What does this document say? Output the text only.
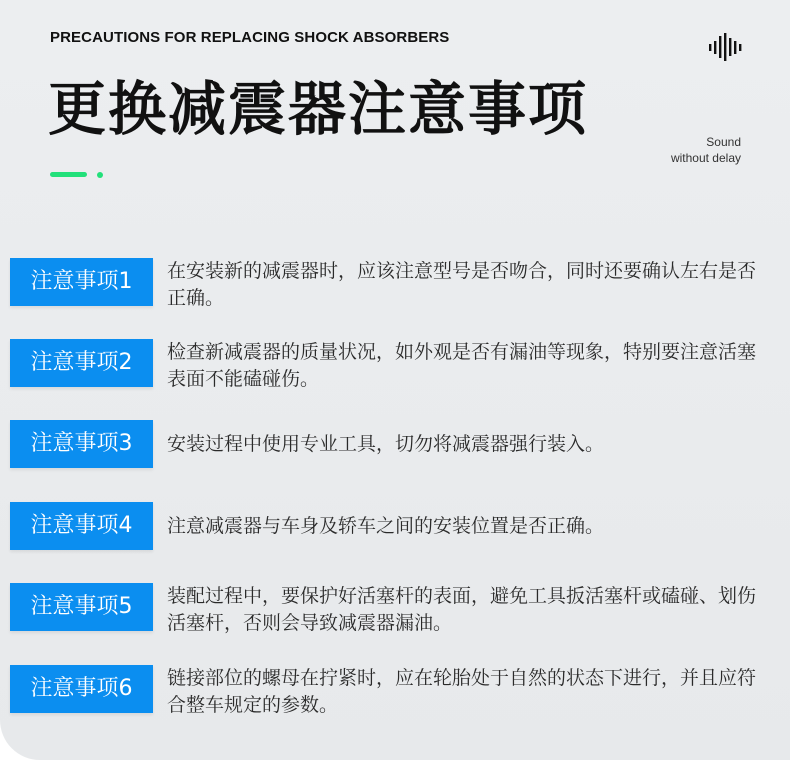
PRECAUTIONS FOR REPLACING SHOCK ABSORBERS
更换减震器注意事项	Sound
without delay
注意事项1	在安装新的减震器时，应该注意型号是否吻合，同时还要确认左右是否正确。
注意事项2	检查新减震器的质量状况，如外观是否有漏油等现象，特别要注意活塞表面不能磕碰伤。
注意事项3	安装过程中使用专业工具，切勿将减震器强行装入。
注意事项4	注意减震器与车身及轿车之间的安装位置是否正确。
注意事项5	装配过程中，要保护好活塞杆的表面，避免工具扳活塞杆或磕碰、划伤活塞杆，否则会导致减震器漏油。
注意事项6	链接部位的螺母在拧紧时，应在轮胎处于自然的状态下进行，并且应符合整车规定的参数。
